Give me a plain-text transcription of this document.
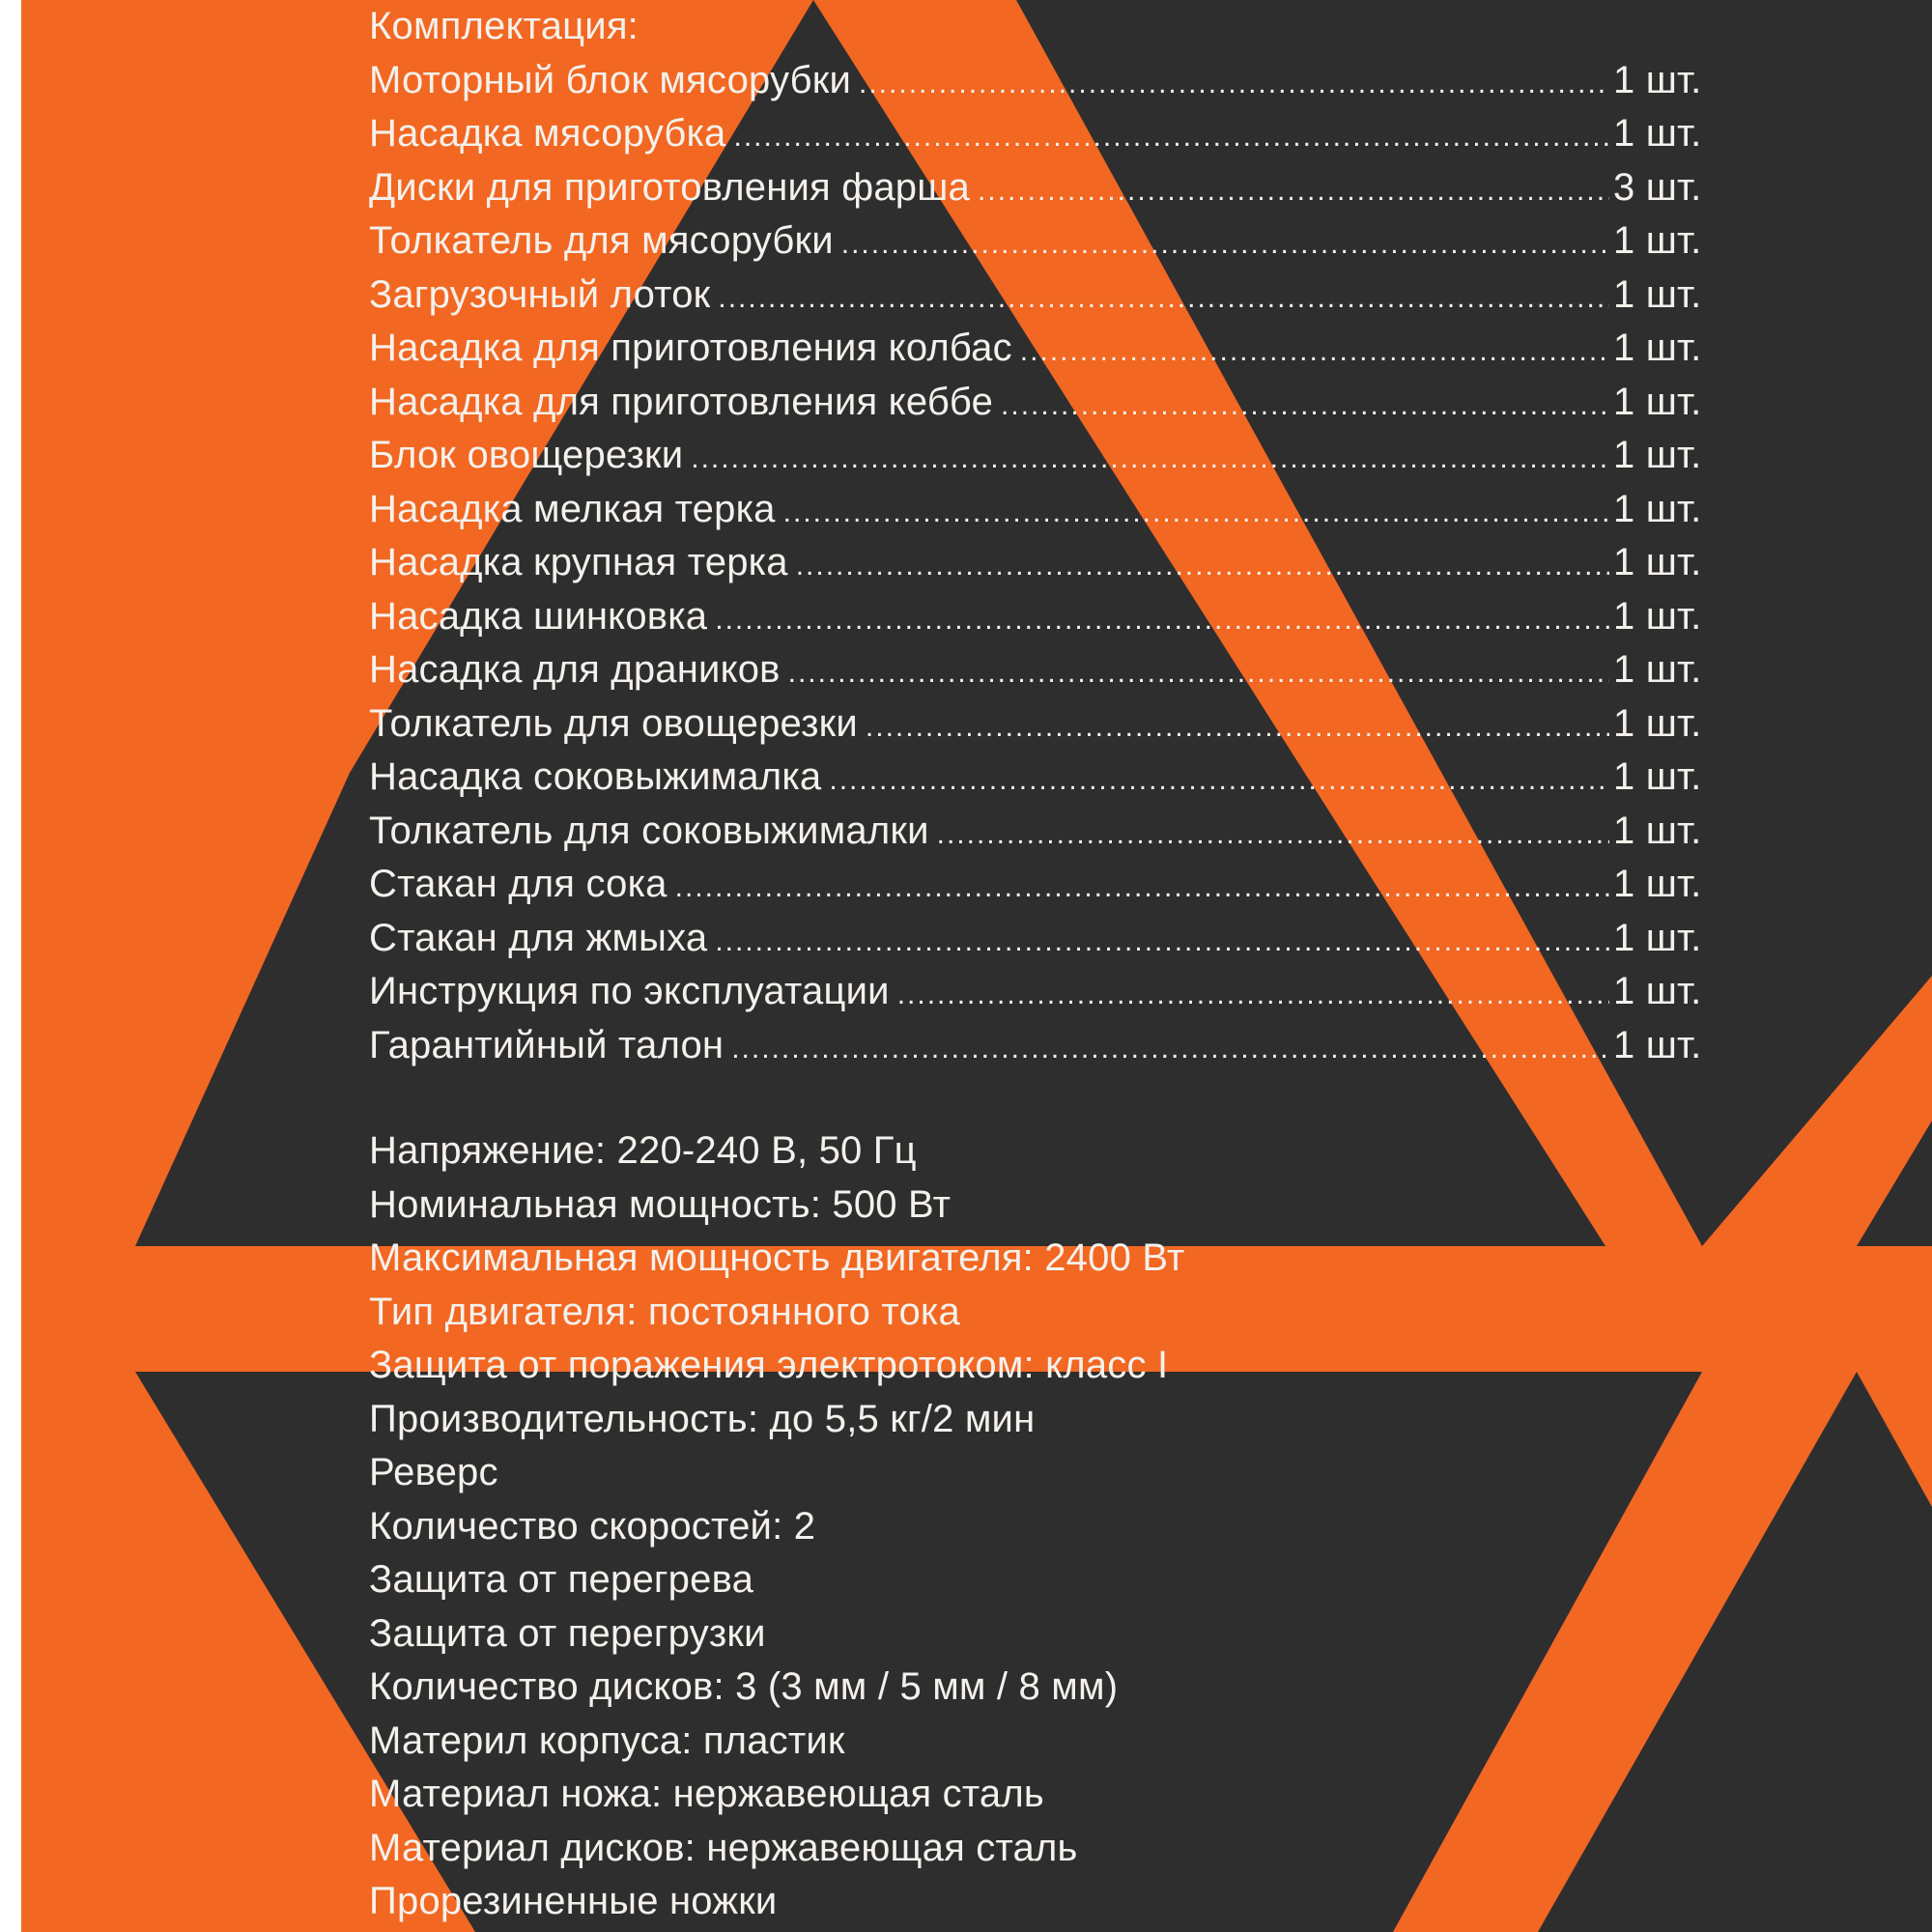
Комплектация:
Моторный блок мясорубки .....	1 шт.
Насадка мясорубка .....	1 шт.
Диски для приготовления фарша .....	3 шт.
Толкатель для мясорубки .....	1 шт.
Загрузочный лоток .....	1 шт.
Насадка для приготовления колбас .....	1 шт.
Насадка для приготовления кеббе .....	1 шт.
Блок овощерезки .....	1 шт.
Насадка мелкая терка .....	1 шт.
Насадка крупная терка .....	1 шт.
Насадка шинковка .....	1 шт.
Насадка для драников .....	1 шт.
Толкатель для овощерезки .....	1 шт.
Насадка соковыжималка .....	1 шт.
Толкатель для соковыжималки .....	1 шт.
Стакан для сока .....	1 шт.
Стакан для жмыха .....	1 шт.
Инструкция по эксплуатации .....	1 шт.
Гарантийный талон .....	1 шт.
Напряжение: 220-240 В, 50 Гц
Номинальная мощность: 500 Вт
Максимальная мощность двигателя: 2400 Вт
Тип двигателя: постоянного тока
Защита от поражения электротоком: класс I
Производительность: до 5,5 кг/2 мин
Реверс
Количество скоростей: 2
Защита от перегрева
Защита от перегрузки
Количество дисков: 3 (3 мм / 5 мм / 8 мм)
Материл корпуса: пластик
Материал ножа: нержавеющая сталь
Материал дисков: нержавеющая сталь
Прорезиненные ножки
